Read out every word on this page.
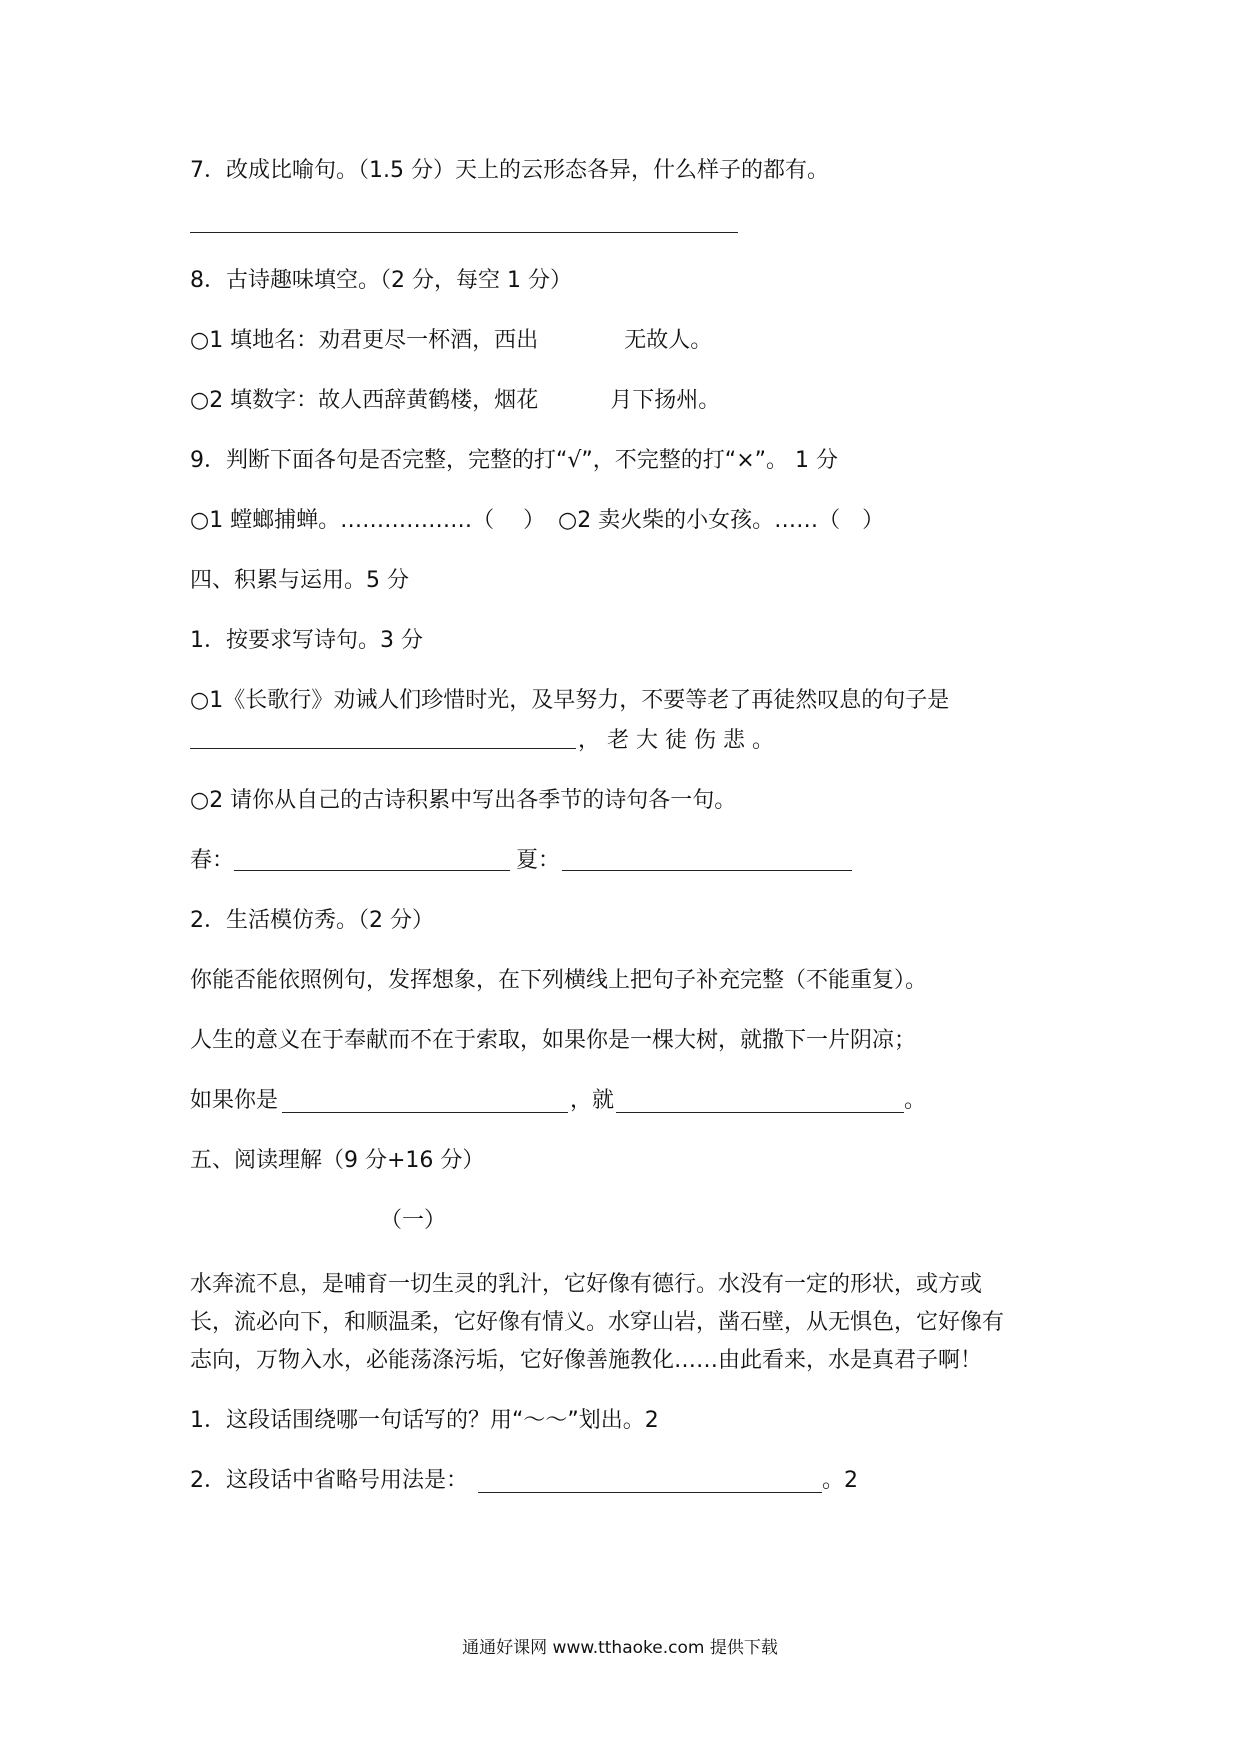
7．改成比喻句。（1.5 分）天上的云形态各异，什么样子的都有。
8．古诗趣味填空。（2 分，每空 1 分）
○1 填地名：劝君更尽一杯酒，西出	无故人。
○2 填数字：故人西辞黄鹤楼，烟花	月下扬州。
9．判断下面各句是否完整，完整的打“√”，不完整的打“×”。 1 分
○1 螳螂捕蝉。………………（　 ） ○2 卖火柴的小女孩。……（　）
四、积累与运用。5 分
1．按要求写诗句。3 分
○1《长歌行》劝诫人们珍惜时光，及早努力，不要等老了再徒然叹息的句子是
， 老 大 徒 伤 悲 。
○2 请你从自己的古诗积累中写出各季节的诗句各一句。
春：	夏：
2．生活模仿秀。（2 分）
你能否能依照例句，发挥想象，在下列横线上把句子补充完整（不能重复）。
人生的意义在于奉献而不在于索取，如果你是一棵大树，就撒下一片阴凉；
如果你是	，就	。
五、阅读理解（9 分+16 分）
（一）
水奔流不息，是哺育一切生灵的乳汁，它好像有德行。水没有一定的形状，或方或
长，流必向下，和顺温柔，它好像有情义。水穿山岩，凿石壁，从无惧色，它好像有
志向，万物入水，必能荡涤污垢，它好像善施教化……由此看来，水是真君子啊！
1．这段话围绕哪一句话写的？用“～～”划出。2
2．这段话中省略号用法是：	。2
通通好课网 www.tthaoke.com 提供下载
